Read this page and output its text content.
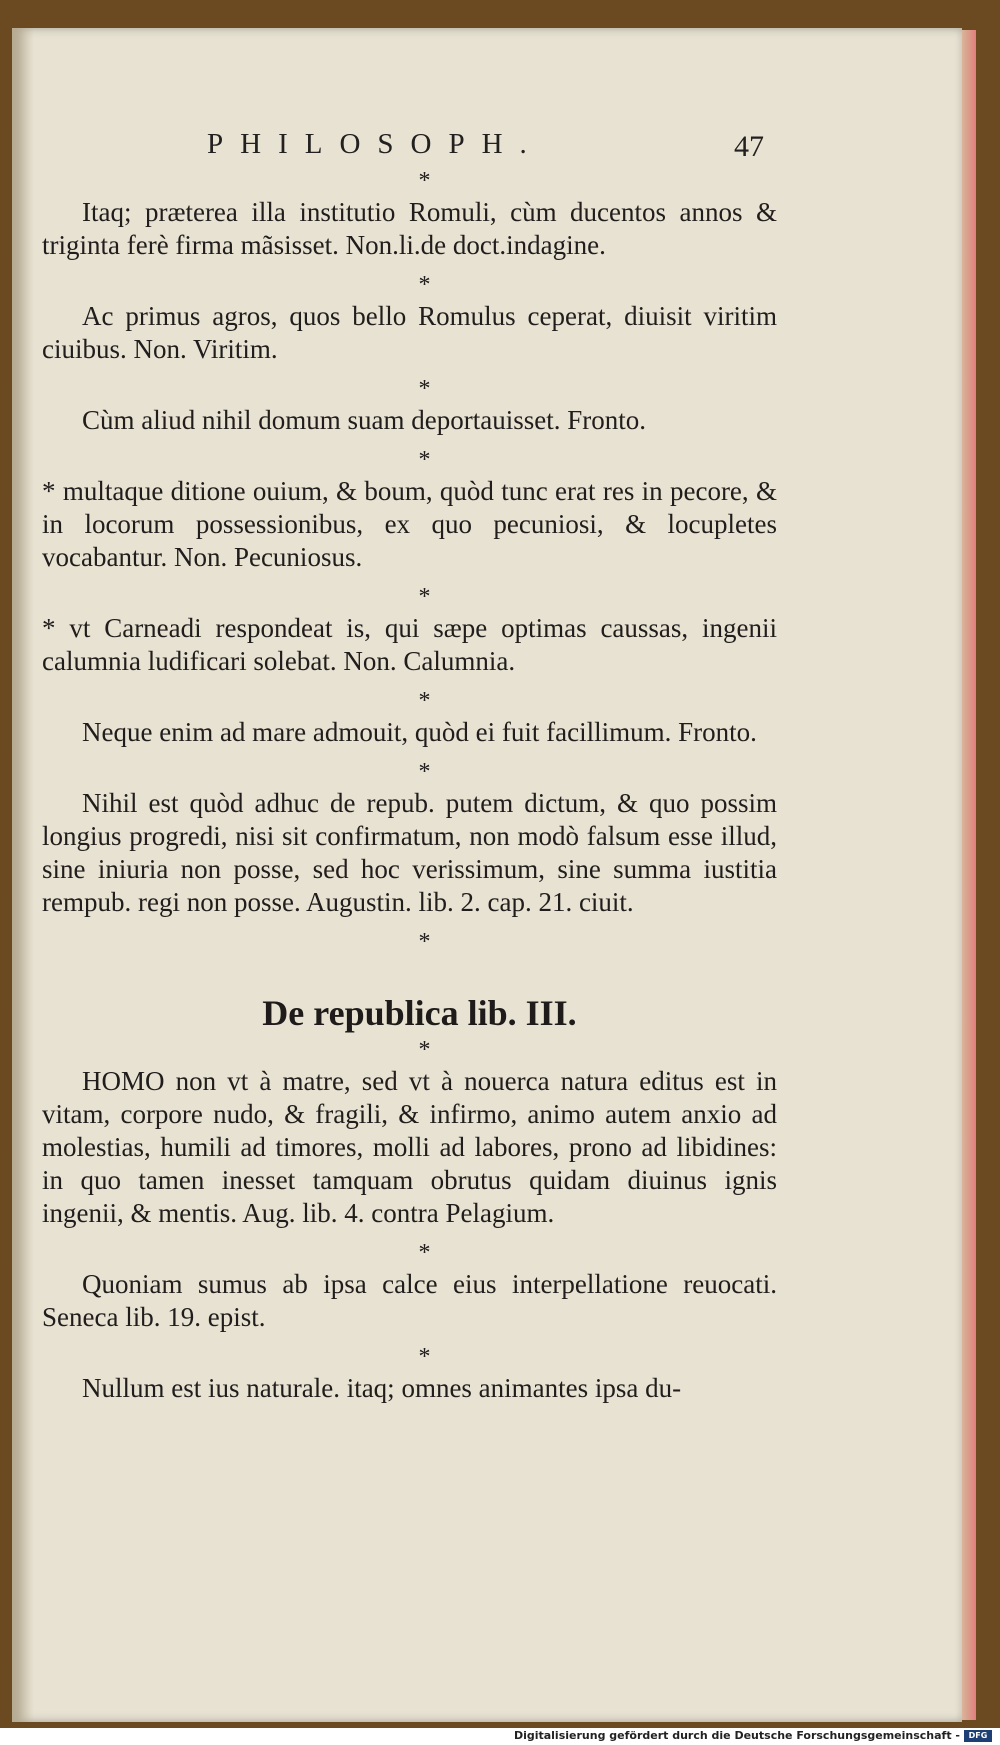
PHILOSOPH.	47

*

Itaq; prӕterea illa institutio Romuli, cùm ducentos annos & triginta ferè firma mãsisset. Non.li.de doct.indagine.

*

Ac primus agros, quos bello Romulus ceperat, diuisit viritim ciuibus. Non. Viritim.

*

Cùm aliud nihil domum suam deportauisset. Fronto.

*

* multaque ditione ouium, & boum, quòd tunc erat res in pecore, & in locorum possessionibus, ex quo pecuniosi, & locupletes vocabantur. Non. Pecuniosus.

*

* vt Carneadi respondeat is, qui sӕpe optimas caussas, ingenii calumnia ludificari solebat. Non. Calumnia.

*

Neque enim ad mare admouit, quòd ei fuit facillimum. Fronto.

*

Nihil est quòd adhuc de repub. putem dictum, & quo possim longius progredi, nisi sit confirmatum, non modò falsum esse illud, sine iniuria non posse, sed hoc verissimum, sine summa iustitia rempub. regi non posse. Augustin. lib. 2. cap. 21. ciuit.

*

De republica lib. III.

*

HOMO non vt à matre, sed vt à nouerca natura editus est in vitam, corpore nudo, & fragili, & infirmo, animo autem anxio ad molestias, humili ad timores, molli ad labores, prono ad libidines: in quo tamen inesset tamquam obrutus quidam diuinus ignis ingenii, & mentis. Aug. lib. 4. contra Pelagium.

*

Quoniam sumus ab ipsa calce eius interpellatione reuocati. Seneca lib. 19. epist.

*

Nullum est ius naturale. itaq; omnes animantes ipsa du-

Digitalisierung gefördert durch die Deutsche Forschungsgemeinschaft -	DFG
